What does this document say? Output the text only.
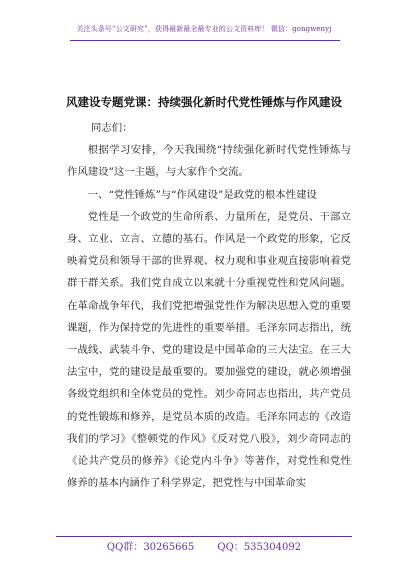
关注头条号“公文研究”，获得最新最全最专业的公文资料库！ 微信：gongwenyj
风建设专题党课：持续强化新时代党性锤炼与作风建设

同志们：

根据学习安排，今天我围绕“持续强化新时代党性锤炼与作风建设”这一主题，与大家作个交流。

一、“党性锤炼”与“作风建设”是政党的根本性建设

党性是一个政党的生命所系、力量所在，是党员、干部立身、立业、立言、立德的基石。作风是一个政党的形象，它反映着党员和领导干部的世界观、权力观和事业观直接影响着党群干群关系。我们党自成立以来就十分重视党性和党风问题。在革命战争年代，我们党把增强党性作为解决思想入党的重要课题，作为保持党的先进性的重要举措。毛泽东同志指出，统一战线、武装斗争、党的建设是中国革命的三大法宝。在三大法宝中，党的建设是最重要的。要加强党的建设，就必须增强各级党组织和全体党员的党性。刘少奇同志也指出，共产党员的党性锻炼和修养，是党员本质的改造。毛泽东同志的《改造我们的学习》《整顿党的作风》《反对党八股》，刘少奇同志的《论共产党员的修养》《论党内斗争》等著作，对党性和党性修养的基本内涵作了科学界定，把党性与中国革命实

QQ群：30265665 QQ：535304092
